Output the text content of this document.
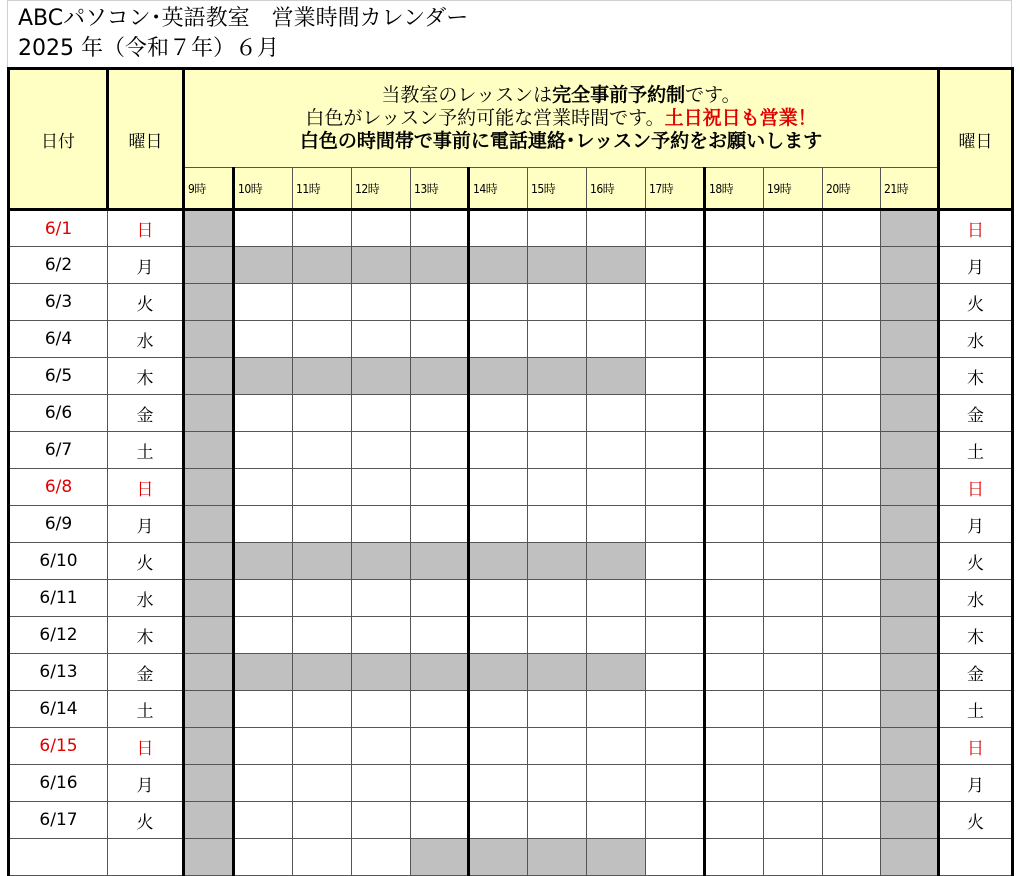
ABCパソコン･英語教室　営業時間カレンダー
2025 年（令和７年）６月
日付	曜日	当教室のレッスンは完全事前予約制です。
白色がレッスン予約可能な営業時間です。土日祝日も営業！
白色の時間帯で事前に電話連絡･レッスン予約をお願いします													曜日
		9時	10時	11時	12時	13時	14時	15時	16時	17時	18時	19時	20時	21時	
6/1	日														日
6/2	月														月
6/3	火														火
6/4	水														水
6/5	木														木
6/6	金														金
6/7	土														土
6/8	日														日
6/9	月														月
6/10	火														火
6/11	水														水
6/12	木														木
6/13	金														金
6/14	土														土
6/15	日														日
6/16	月														月
6/17	火														火
